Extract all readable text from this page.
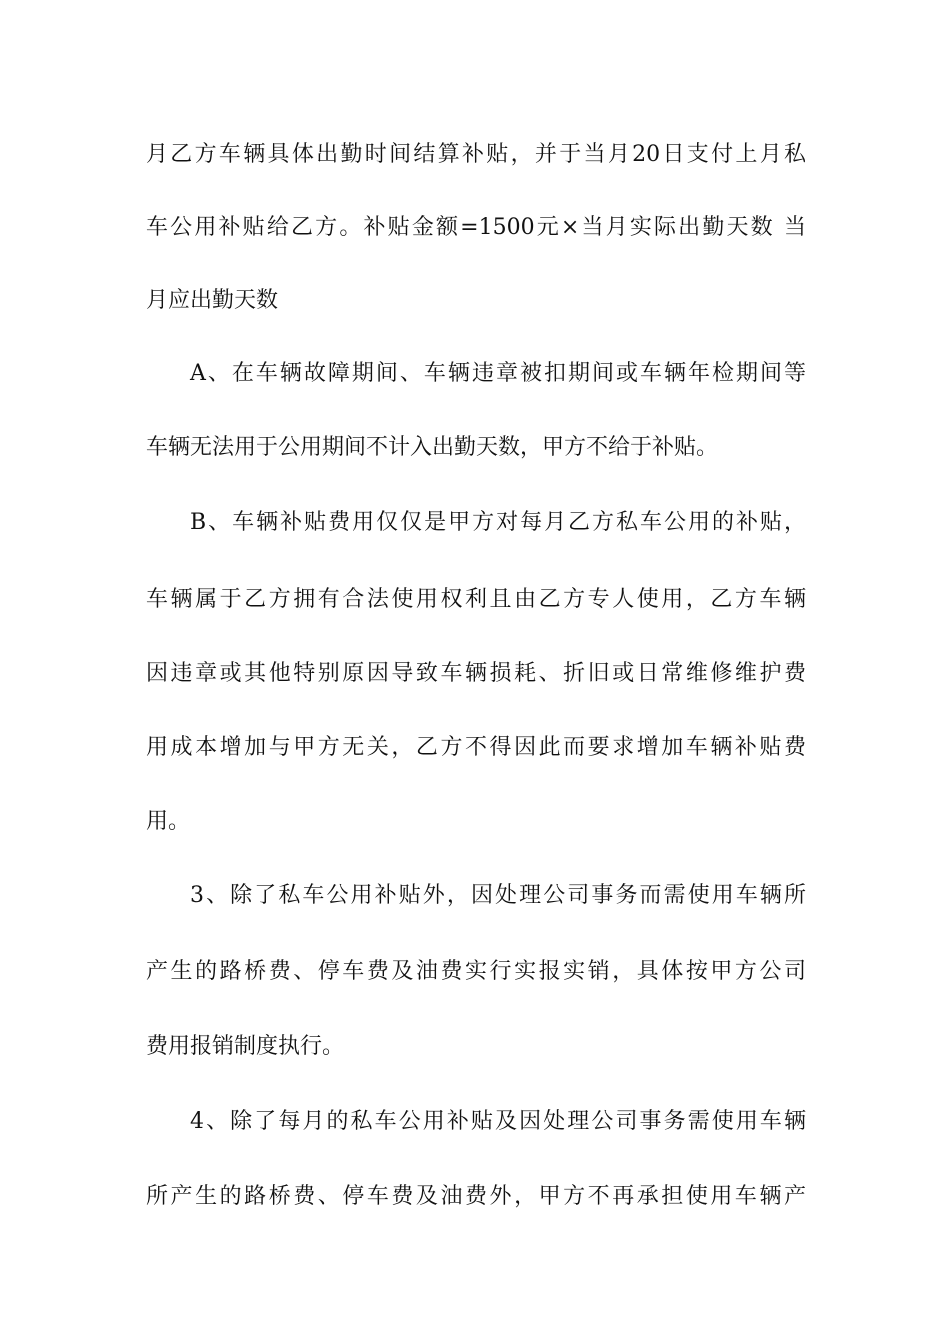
月乙方车辆具体出勤时间结算补贴，并于当月20日支付上月私
车公用补贴给乙方。补贴金额=1500元×当月实际出勤天数 当
月应出勤天数
A、在车辆故障期间、车辆违章被扣期间或车辆年检期间等
车辆无法用于公用期间不计入出勤天数，甲方不给于补贴。
B、车辆补贴费用仅仅是甲方对每月乙方私车公用的补贴，
车辆属于乙方拥有合法使用权利且由乙方专人使用，乙方车辆
因违章或其他特别原因导致车辆损耗、折旧或日常维修维护费
用成本增加与甲方无关，乙方不得因此而要求增加车辆补贴费
用。
3、除了私车公用补贴外，因处理公司事务而需使用车辆所
产生的路桥费、停车费及油费实行实报实销，具体按甲方公司
费用报销制度执行。
4、除了每月的私车公用补贴及因处理公司事务需使用车辆
所产生的路桥费、停车费及油费外，甲方不再承担使用车辆产
